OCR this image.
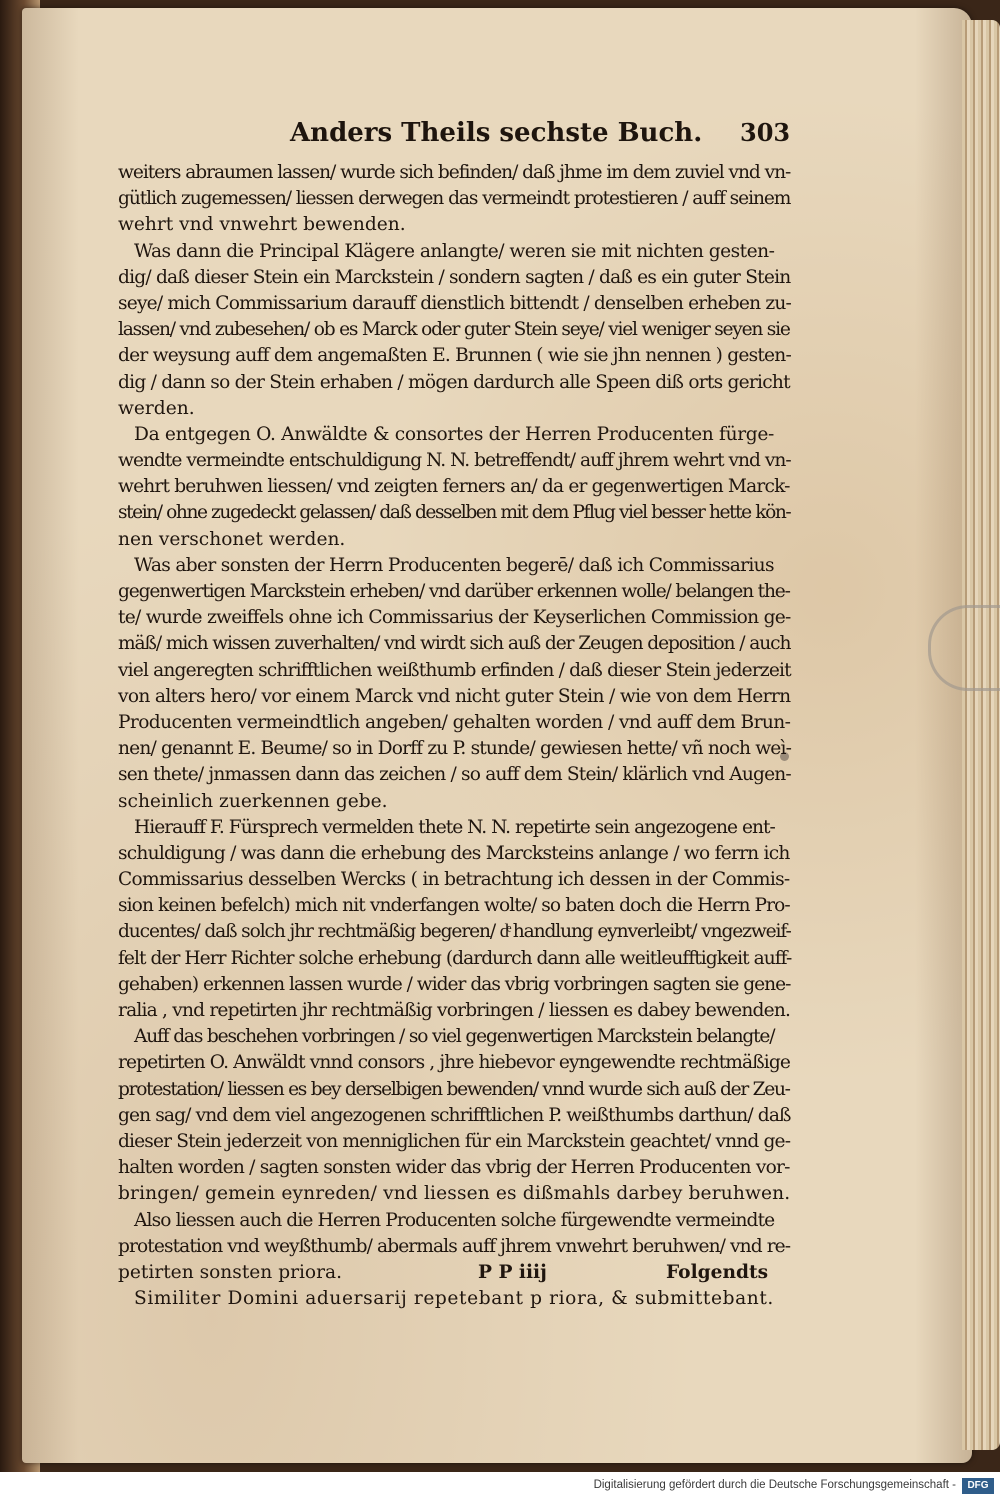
Anders Theils sechste Buch. 303
weiters abraumen lassen/ wurde sich befinden/ daß jhme im dem zuviel vnd vn-
gütlich zugemessen/ liessen derwegen das vermeindt protestieren / auff seinem
wehrt vnd vnwehrt bewenden.
Was dann die Principal Klägere anlangte/ weren sie mit nichten gesten-
dig/ daß dieser Stein ein Marckstein / sondern sagten / daß es ein guter Stein
seye/ mich Commissarium darauff dienstlich bittendt / denselben erheben zu-
lassen/ vnd zubesehen/ ob es Marck oder guter Stein seye/ viel weniger seyen sie
der weysung auff dem angemaßten E. Brunnen ( wie sie jhn nennen ) gesten-
dig / dann so der Stein erhaben / mögen dardurch alle Speen diß orts gericht
werden.
Da entgegen O. Anwäldte & consortes der Herren Producenten fürge-
wendte vermeindte entschuldigung N. N. betreffendt/ auff jhrem wehrt vnd vn-
wehrt beruhwen liessen/ vnd zeigten ferners an/ da er gegenwertigen Marck-
stein/ ohne zugedeckt gelassen/ daß desselben mit dem Pflug viel besser hette kön-
nen verschonet werden.
Was aber sonsten der Herrn Producenten begerē/ daß ich Commissarius
gegenwertigen Marckstein erheben/ vnd darüber erkennen wolle/ belangen the-
te/ wurde zweiffels ohne ich Commissarius der Keyserlichen Commission ge-
mäß/ mich wissen zuverhalten/ vnd wirdt sich auß der Zeugen deposition / auch
viel angeregten schrifftlichen weißthumb erfinden / daß dieser Stein jederzeit
von alters hero/ vor einem Marck vnd nicht guter Stein / wie von dem Herrn
Producenten vermeindtlich angeben/ gehalten worden / vnd auff dem Brun-
nen/ genannt E. Beume/ so in Dorff zu P. stunde/ gewiesen hette/ vñ noch weì-
sen thete/ jnmassen dann das zeichen / so auff dem Stein/ klärlich vnd Augen-
scheinlich zuerkennen gebe.
Hierauff F. Fürsprech vermelden thete N. N. repetirte sein angezogene ent-
schuldigung / was dann die erhebung des Marcksteins anlange / wo ferrn ich
Commissarius desselben Wercks ( in betrachtung ich dessen in der Commis-
sion keinen befelch) mich nit vnderfangen wolte/ so baten doch die Herrn Pro-
ducentes/ daß solch jhr rechtmäßig begeren/ dͤ handlung eynverleibt/ vngezweif-
felt der Herr Richter solche erhebung (dardurch dann alle weitleufftigkeit auff-
gehaben) erkennen lassen wurde / wider das vbrig vorbringen sagten sie gene-
ralia , vnd repetirten jhr rechtmäßig vorbringen / liessen es dabey bewenden.
Auff das beschehen vorbringen / so viel gegenwertigen Marckstein belangte/
repetirten O. Anwäldt vnnd consors , jhre hiebevor eyngewendte rechtmäßige
protestation/ liessen es bey derselbigen bewenden/ vnnd wurde sich auß der Zeu-
gen sag/ vnd dem viel angezogenen schrifftlichen P. weißthumbs darthun/ daß
dieser Stein jederzeit von menniglichen für ein Marckstein geachtet/ vnnd ge-
halten worden / sagten sonsten wider das vbrig der Herren Producenten vor-
bringen/ gemein eynreden/ vnd liessen es dißmahls darbey beruhwen.
Also liessen auch die Herren Producenten solche fürgewendte vermeindte
protestation vnd weyßthumb/ abermals auff jhrem vnwehrt beruhwen/ vnd re-
petirten sonsten priora.
Similiter Domini aduersarij repetebant p riora, & submittebant.
P P iiij	Folgendts
Digitalisierung gefördert durch die Deutsche Forschungsgemeinschaft -	DFG
